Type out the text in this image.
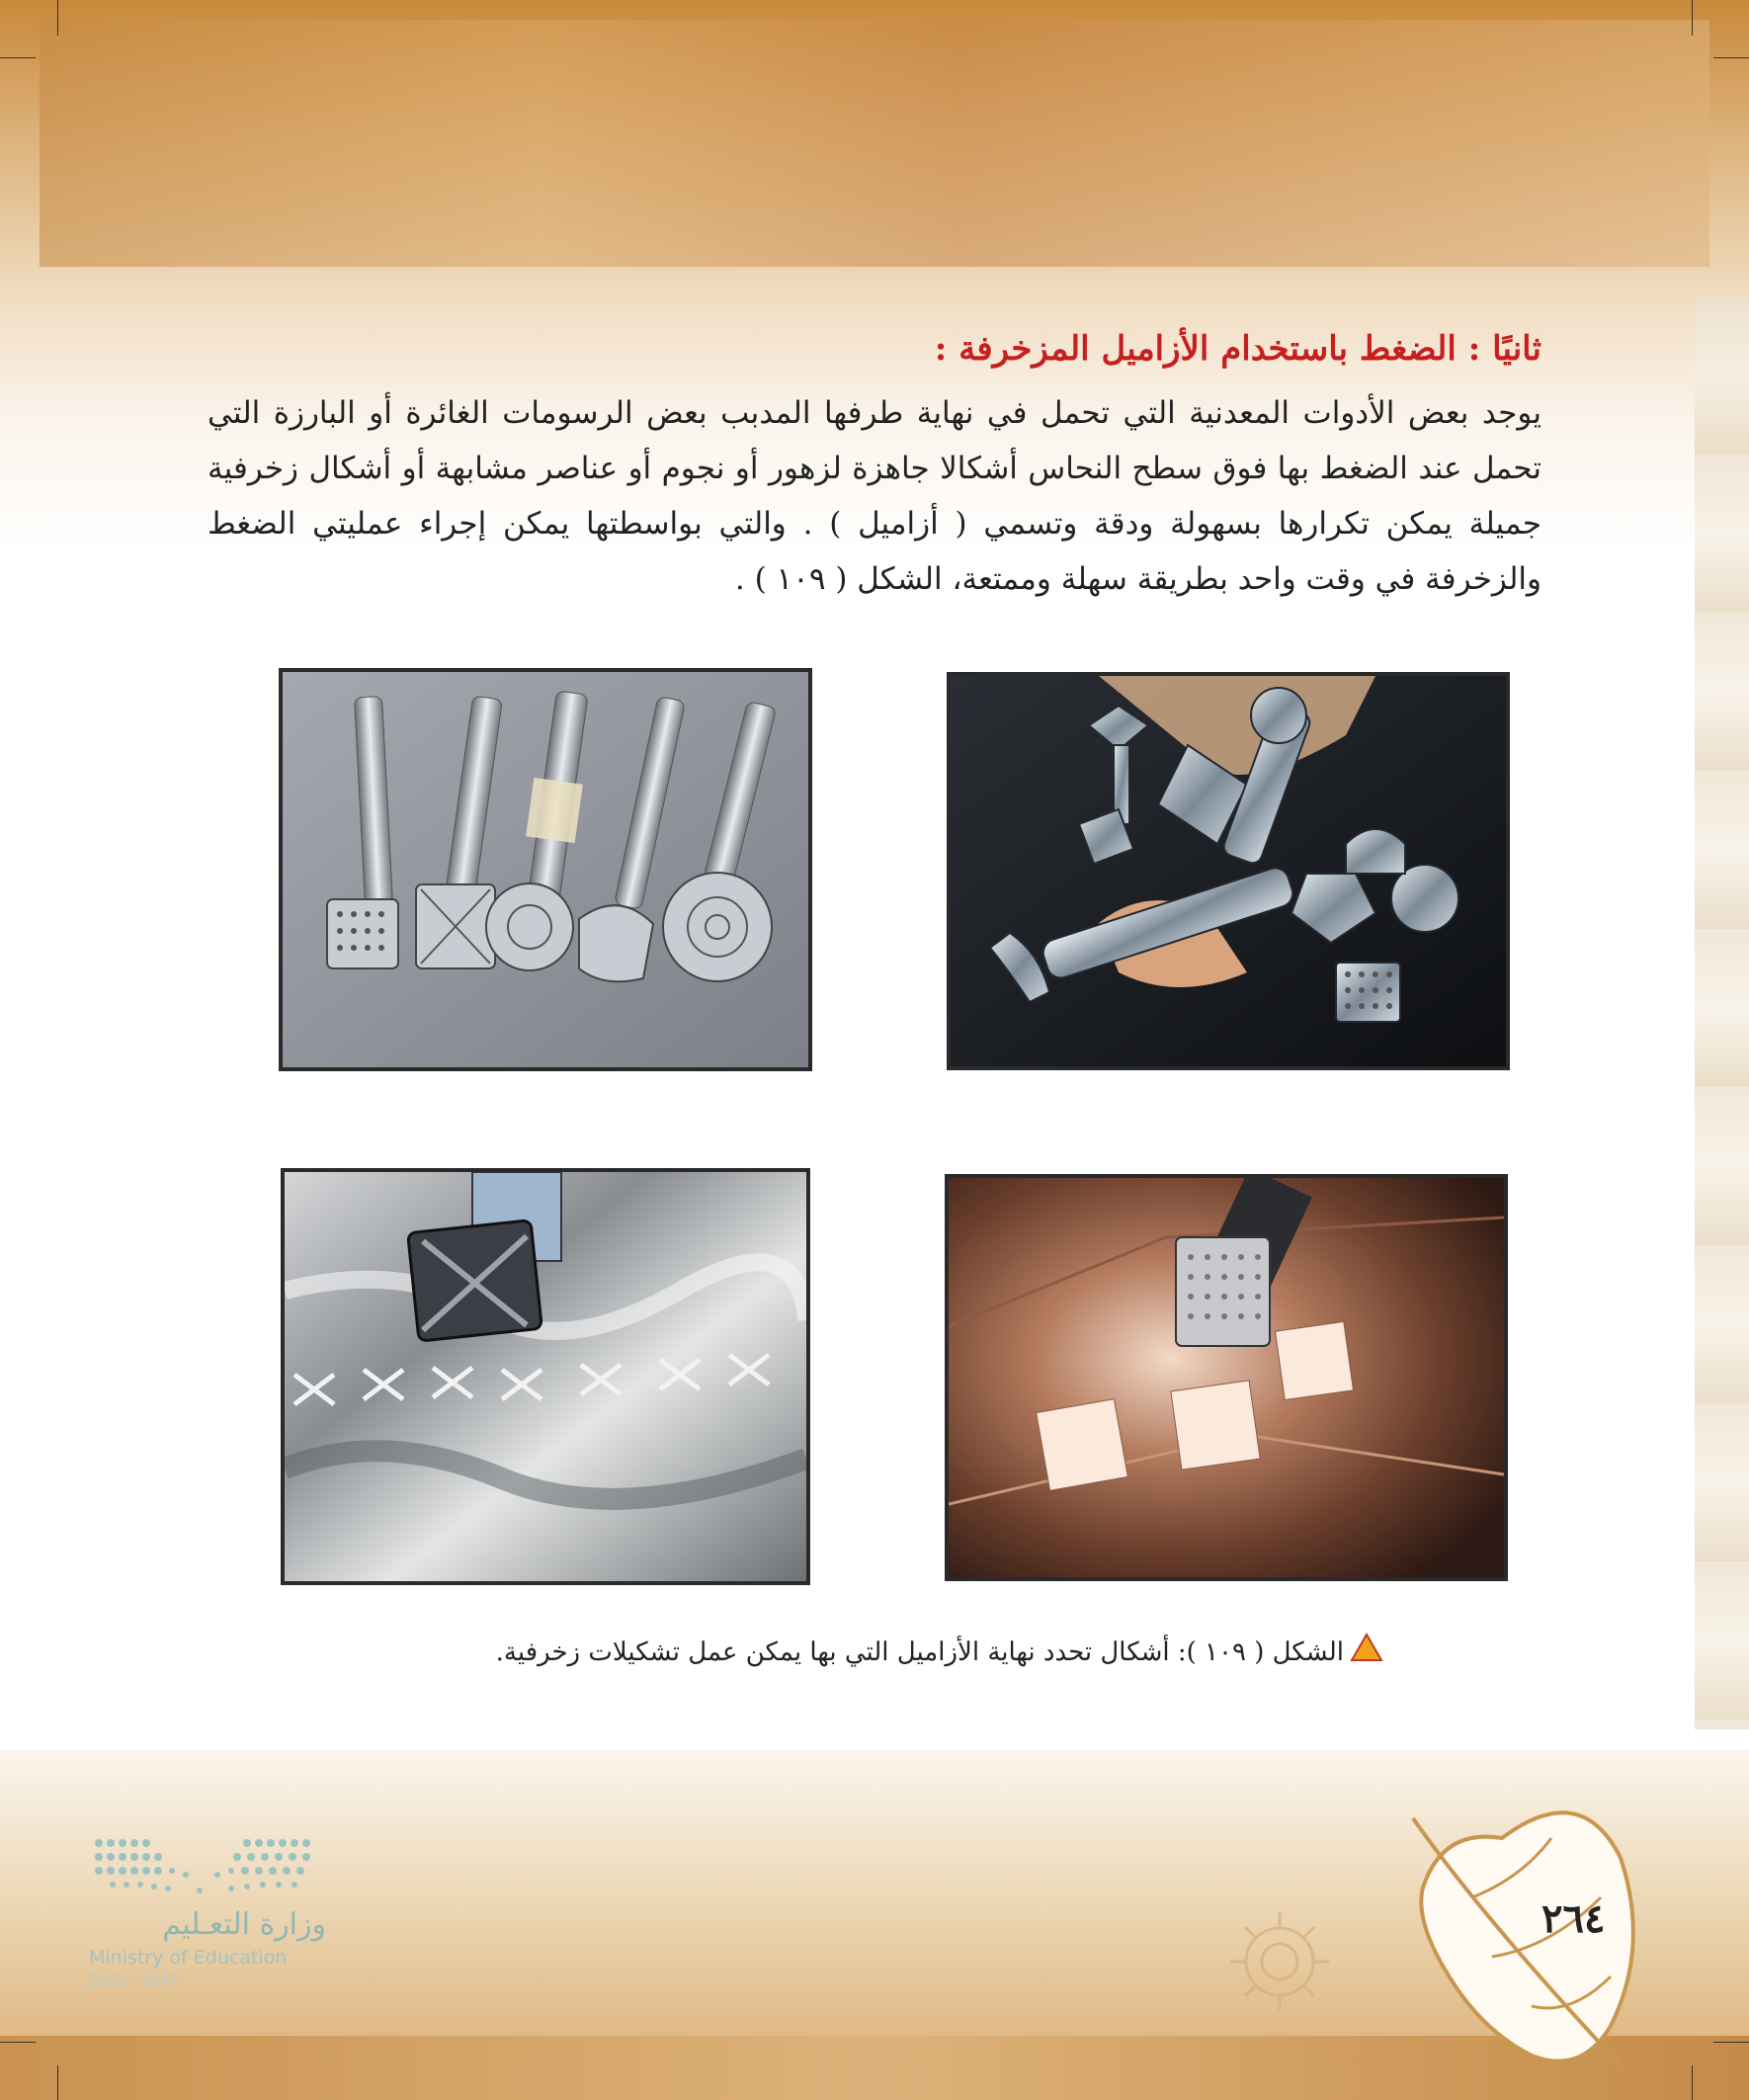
ثانيًا : الضغط باستخدام الأزاميل المزخرفة :
يوجد بعض الأدوات المعدنية التي تحمل في نهاية طرفها المدبب بعض الرسومات الغائرة أو البارزة التي تحمل عند الضغط بها فوق سطح النحاس أشكالا جاهزة لزهور أو نجوم أو عناصر مشابهة أو أشكال زخرفية جميلة يمكن تكرارها بسهولة ودقة وتسمي ( أزاميل ) . والتي بواسطتها يمكن إجراء عمليتي الضغط والزخرفة في وقت واحد بطريقة سهلة وممتعة، الشكل ( ١٠٩ ) .
الشكل ( ١٠٩ ): أشكال تحدد نهاية الأزاميل التي بها يمكن عمل تشكيلات زخرفية.
وزارة التعـليم
Ministry of Education
2023 - 1447
٢٦٤
